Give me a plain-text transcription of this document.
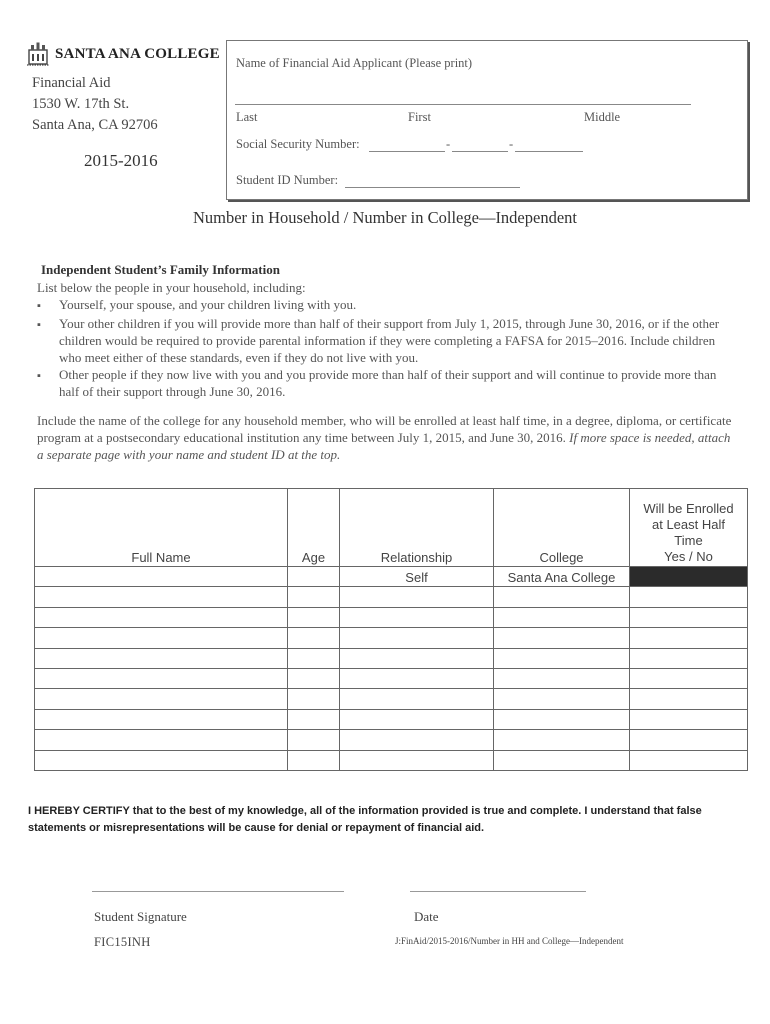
SANTA ANA COLLEGE
Financial Aid
1530 W. 17th St.
Santa Ana, CA 92706
2015-2016
Name of Financial Aid Applicant (Please print)
Last	First	Middle
Social Security Number:	-	-
Student ID Number:
Number in Household / Number in College—Independent
Independent Student’s Family Information
List below the people in your household, including:
▪
Yourself, your spouse, and your children living with you.
▪
Your other children if you will provide more than half of their support from July 1, 2015, through June 30, 2016, or if the other children would be required to provide parental information if they were completing a FAFSA for 2015–2016. Include children who meet either of these standards, even if they do not live with you.
▪
Other people if they now live with you and you provide more than half of their support and will continue to provide more than half of their support through June 30, 2016.
Include the name of the college for any household member, who will be enrolled at least half time, in a degree, diploma, or certificate program at a postsecondary educational institution any time between July 1, 2015, and June 30, 2016. If more space is needed, attach a separate page with your name and student ID at the top.
Full Name	Age	Relationship	College	Will be Enrolled
at Least Half
Time
Yes / No

		Self	Santa Ana College	

I HEREBY CERTIFY that to the best of my knowledge, all of the information provided is true and complete. I understand that false statements or misrepresentations will be cause for denial or repayment of financial aid.
Student Signature	Date
FIC15INH	J:FinAid/2015-2016/Number in HH and College—Independent
